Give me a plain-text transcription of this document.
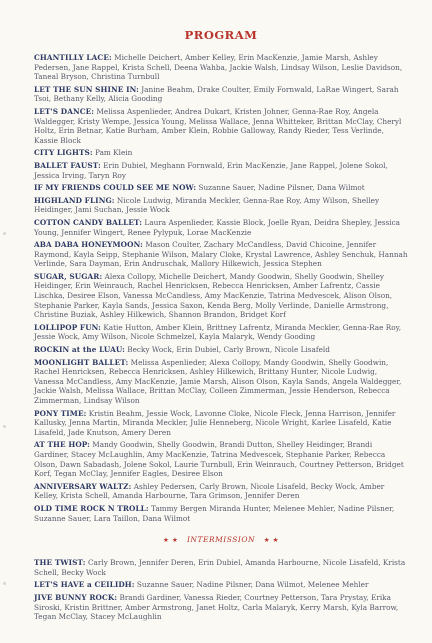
PROGRAM

CHANTILLY LACE: Michelle Deichert, Amber Kelley, Erin MacKenzie, Jamie Marsh, Ashley Pedersen, Jane Rappel, Krista Schell, Deena Wahba, Jackie Walsh, Lindsay Wilson, Leslie Davidson, Taneal Bryson, Christina Turnbull

LET THE SUN SHINE IN: Janine Beahm, Drake Coulter, Emily Fornwald, LaRae Wingert, Sarah Tsoi, Bethany Kelly, Alicia Gooding

LET'S DANCE: Melissa Aspenlieder, Andrea Dukart, Kristen Johner, Genna-Rae Roy, Angela Waldegger, Kristy Wempe, Jessica Young, Melissa Wallace, Jenna Whitteker, Brittan McClay, Cheryl Holtz, Erin Betnar, Katie Burham, Amber Klein, Robbie Galloway, Randy Rieder, Tess Verlinde, Kassie Block

CITY LIGHTS: Pam Klein

BALLET FAUST: Erin Dubiel, Meghann Fornwald, Erin MacKenzie, Jane Rappel, Jolene Sokol, Jessica Irving, Taryn Roy

IF MY FRIENDS COULD SEE ME NOW: Suzanne Sauer, Nadine Pilsner, Dana Wilmot

HIGHLAND FLING: Nicole Ludwig, Miranda Meckler, Genna-Rae Roy, Amy Wilson, Shelley Heidinger, Jami Suchan, Jessie Wock

COTTON CANDY BALLET: Laura Aspenlieder, Kassie Block, Joelle Ryan, Deidra Shepley, Jessica Young, Jennifer Wingert, Renee Pylypuk, Lorae MacKenzie

ABA DABA HONEYMOON: Mason Coulter, Zachary McCandless, David Chicoine, Jennifer Raymond, Kayla Seipp, Stephanie Wilson, Malary Cloke, Krystal Lawrence, Ashley Senchuk, Hannah Verlinde, Sara Dayman, Erin Andruschak, Mallory Hilkewich, Jessica Stephen

SUGAR, SUGAR: Alexa Collopy, Michelle Deichert, Mandy Goodwin, Shelly Goodwin, Shelley Heidinger, Erin Weinrauch, Rachel Henricksen, Rebecca Henricksen, Amber Lafrentz, Cassie Lischka, Desiree Elson, Vanessa McCandless, Amy MacKenzie, Tatrina Medvescek, Alison Olson, Stephanie Parker, Kayla Sands, Jessica Saxon, Kenda Berg, Molly Verlinde, Danielle Armstrong, Christine Buziak, Ashley Hilkewich, Shannon Brandon, Bridget Korf

LOLLIPOP FUN: Katie Hutton, Amber Klein, Brittney Lafrentz, Miranda Meckler, Genna-Rae Roy, Jessie Wock, Amy Wilson, Nicole Schmelzel, Kayla Malaryk, Wendy Gooding

ROCKIN at the LUAU: Becky Wock, Erin Dubiel, Carly Brown, Nicole Lisafeld

MOONLIGHT BALLET: Melissa Aspenlieder, Alexa Collopy, Mandy Goodwin, Shelly Goodwin, Rachel Henricksen, Rebecca Henricksen, Ashley Hilkewich, Brittany Hunter, Nicole Ludwig, Vanessa McCandless, Amy MacKenzie, Jamie Marsh, Alison Olson, Kayla Sands, Angela Waldegger, Jackie Walsh, Melissa Wallace, Brittan McClay, Colleen Zimmerman, Jessie Henderson, Rebecca Zimmerman, Lindsay Wilson

PONY TIME: Kristin Beahm, Jessie Wock, Lavonne Cloke, Nicole Fleck, Jenna Harrison, Jennifer Kallusky, Jenna Martin, Miranda Meckler, Julie Henneberg, Nicole Wright, Karlee Lisafeld, Katie Lisafeld, Jade Knutson, Amery Deren

AT THE HOP: Mandy Goodwin, Shelly Goodwin, Brandi Dutton, Shelley Heidinger, Brandi Gardiner, Stacey McLaughlin, Amy MacKenzie, Tatrina Medvescek, Stephanie Parker, Rebecca Olson, Dawn Sabadash, Jolene Sokol, Laurie Turnbull, Erin Weinrauch, Courtney Petterson, Bridget Korf, Tegan McClay, Jennifer Eagles, Desiree Elson

ANNIVERSARY WALTZ: Ashley Pedersen, Carly Brown, Nicole Lisafeld, Becky Wock, Amber Kelley, Krista Schell, Amanda Harbourne, Tara Grimson, Jennifer Deren

OLD TIME ROCK N TROLL: Tammy Bergen Miranda Hunter, Melenee Mehler, Nadine Pilsner, Suzanne Sauer, Lara Taillon, Dana Wilmot

★ ★ INTERMISSION ★ ★

THE TWIST: Carly Brown, Jennifer Deren, Erin Dubiel, Amanda Harbourne, Nicole Lisafeld, Krista Schell, Becky Wock

LET'S HAVE a CEILIDH: Suzanne Sauer, Nadine Pilsner, Dana Wilmot, Melenee Mehler

JIVE BUNNY ROCK: Brandi Gardiner, Vanessa Rieder, Courtney Petterson, Tara Prystay, Erika Siroski, Kristin Brittner, Amber Armstrong, Janet Holtz, Carla Malaryk, Kerry Marsh, Kyla Barrow, Tegan McClay, Stacey McLaughlin
